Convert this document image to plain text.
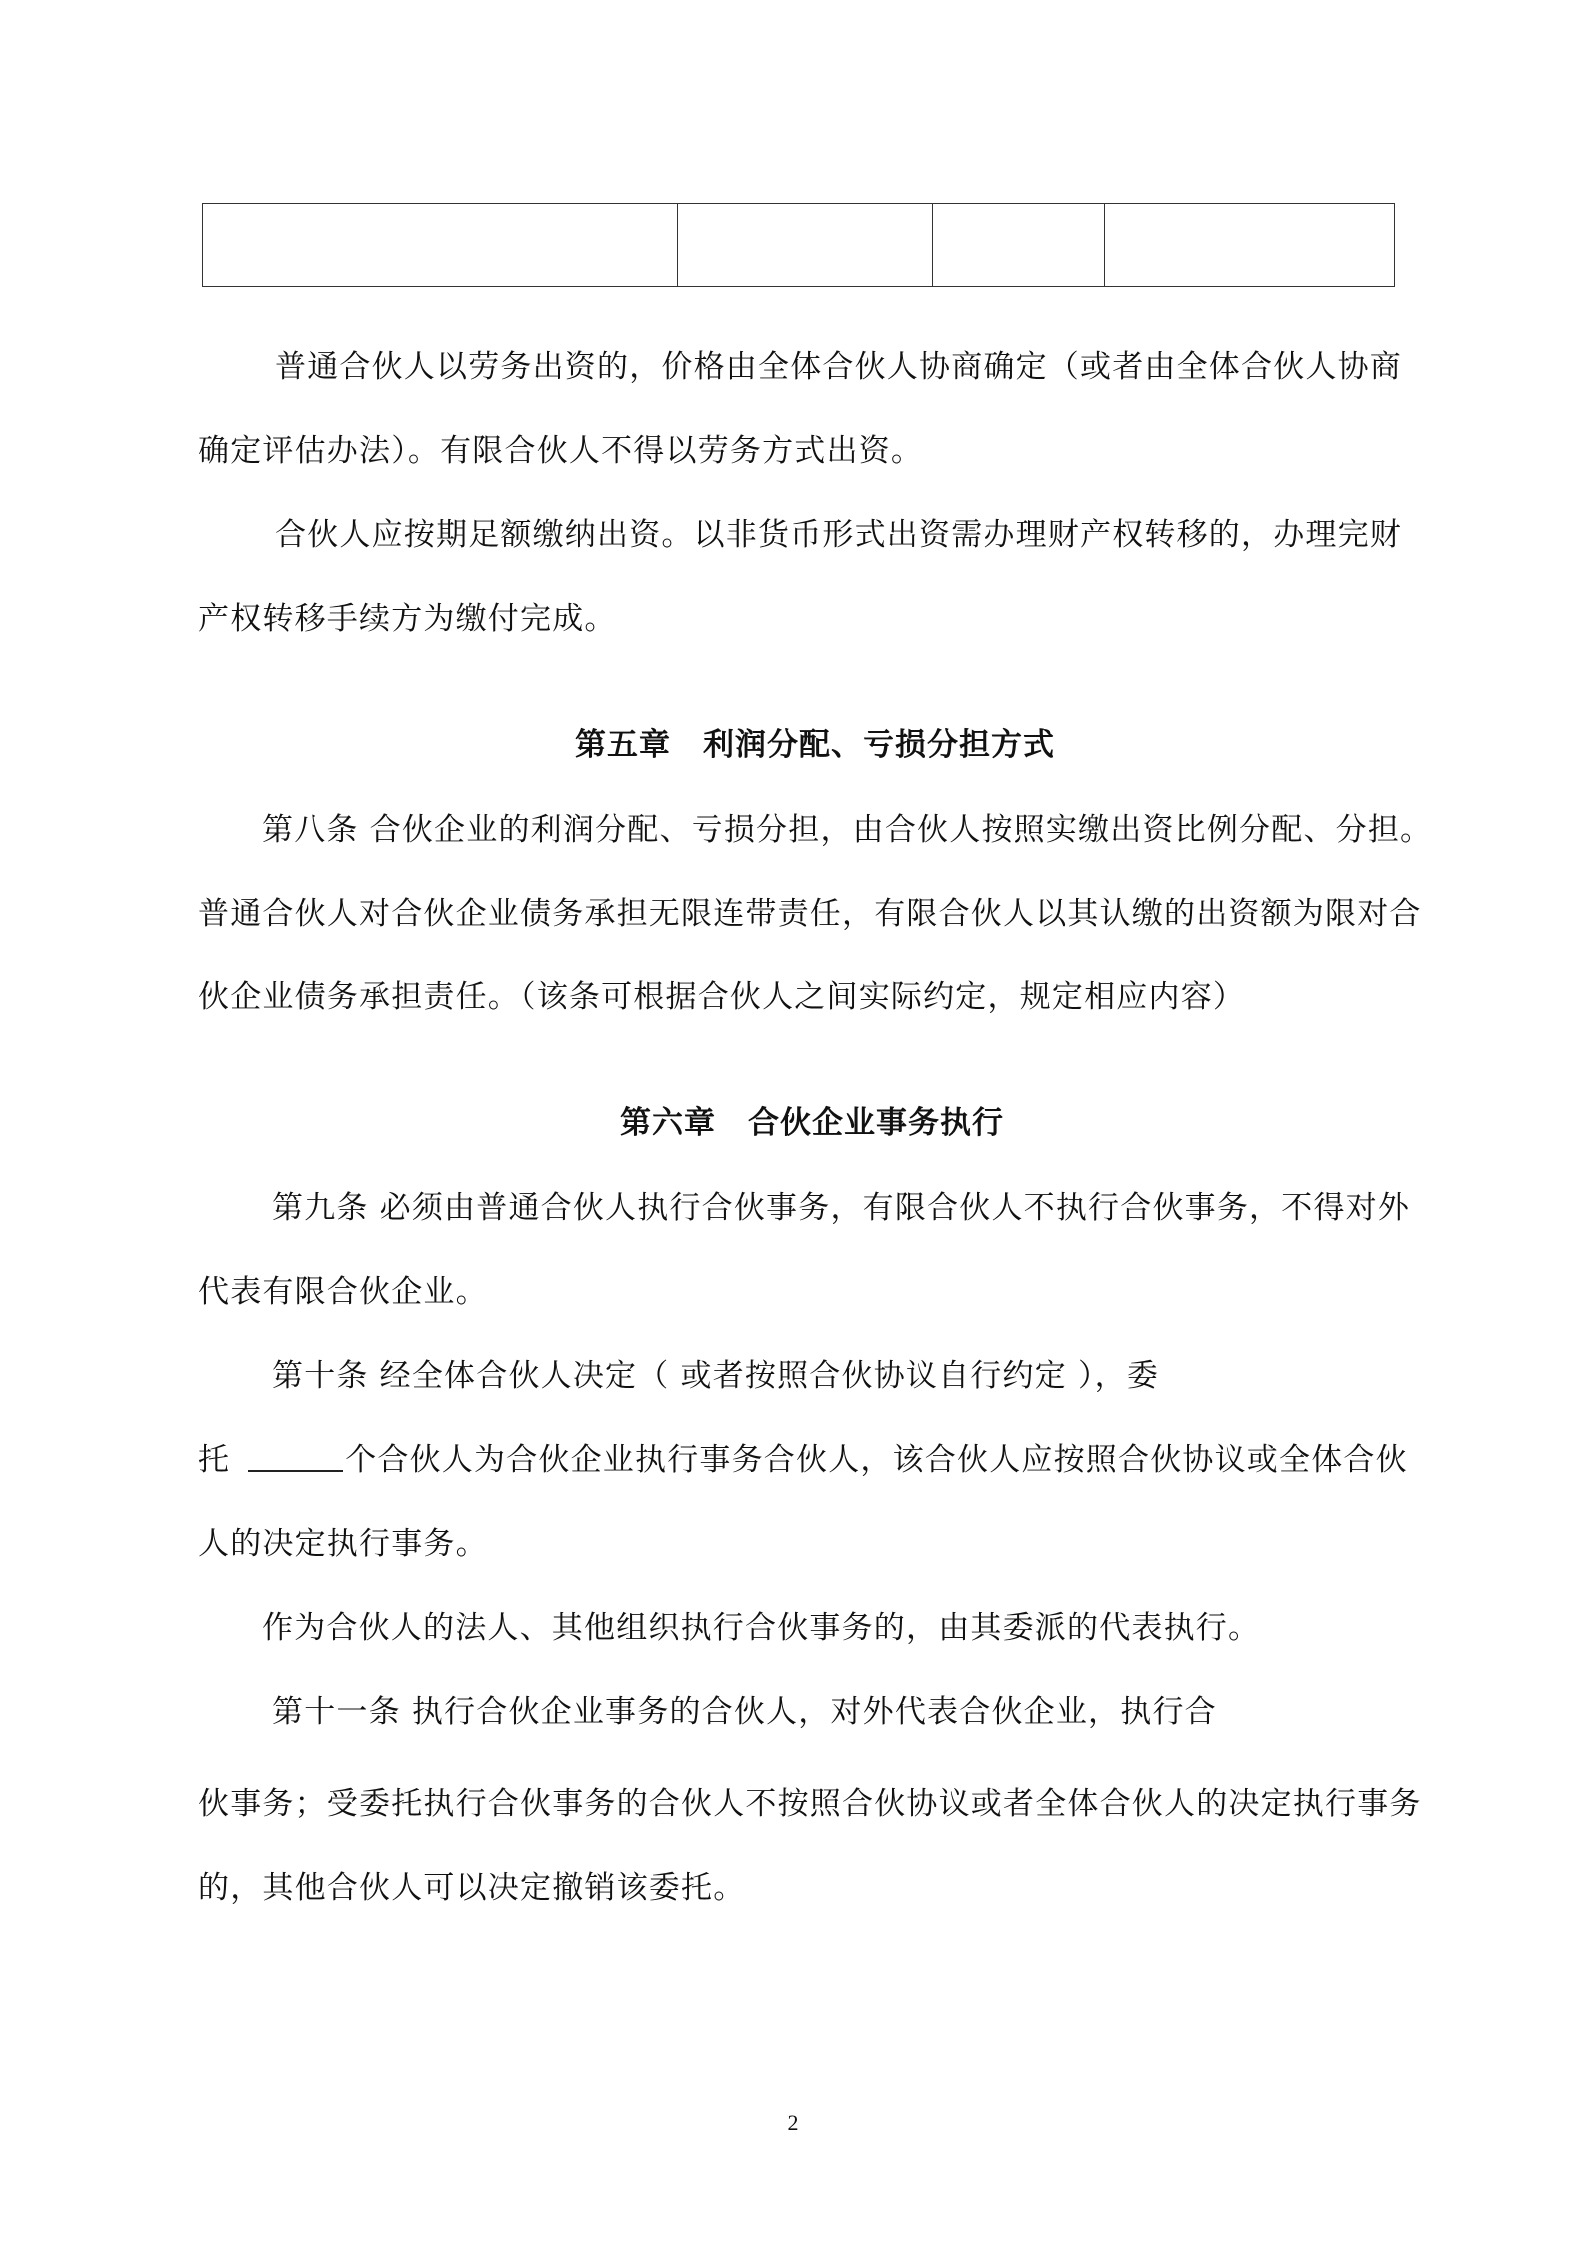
普通合伙人以劳务出资的，价格由全体合伙人协商确定（或者由全体合伙人协商
确定评估办法）。有限合伙人不得以劳务方式出资。
合伙人应按期足额缴纳出资。以非货币形式出资需办理财产权转移的，办理完财
产权转移手续方为缴付完成。
第五章　利润分配、亏损分担方式
第八条 合伙企业的利润分配、亏损分担，由合伙人按照实缴出资比例分配、分担。
普通合伙人对合伙企业债务承担无限连带责任，有限合伙人以其认缴的出资额为限对合
伙企业债务承担责任。（该条可根据合伙人之间实际约定，规定相应内容）
第六章　合伙企业事务执行
第九条 必须由普通合伙人执行合伙事务，有限合伙人不执行合伙事务，不得对外
代表有限合伙企业。
第十条 经全体合伙人决定（ 或者按照合伙协议自行约定 ），委
托	个合伙人为合伙企业执行事务合伙人，该合伙人应按照合伙协议或全体合伙
人的决定执行事务。
作为合伙人的法人、其他组织执行合伙事务的，由其委派的代表执行。
第十一条 执行合伙企业事务的合伙人，对外代表合伙企业，执行合
伙事务；受委托执行合伙事务的合伙人不按照合伙协议或者全体合伙人的决定执行事务
的，其他合伙人可以决定撤销该委托。
2
